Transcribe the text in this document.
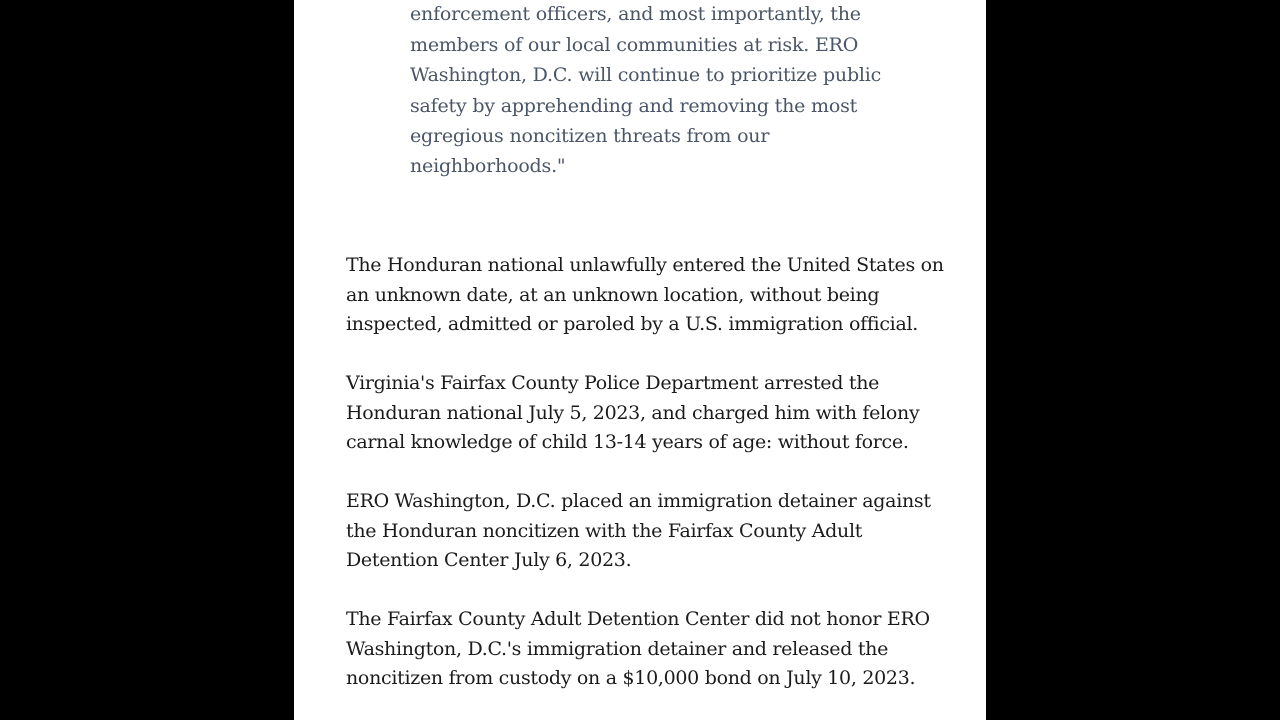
enforcement officers, and most importantly, the
members of our local communities at risk. ERO
Washington, D.C. will continue to prioritize public
safety by apprehending and removing the most
egregious noncitizen threats from our
neighborhoods."

The Honduran national unlawfully entered the United States on
an unknown date, at an unknown location, without being
inspected, admitted or paroled by a U.S. immigration official.

Virginia's Fairfax County Police Department arrested the
Honduran national July 5, 2023, and charged him with felony
carnal knowledge of child 13-14 years of age: without force.

ERO Washington, D.C. placed an immigration detainer against
the Honduran noncitizen with the Fairfax County Adult
Detention Center July 6, 2023.

The Fairfax County Adult Detention Center did not honor ERO
Washington, D.C.'s immigration detainer and released the
noncitizen from custody on a $10,000 bond on July 10, 2023.
